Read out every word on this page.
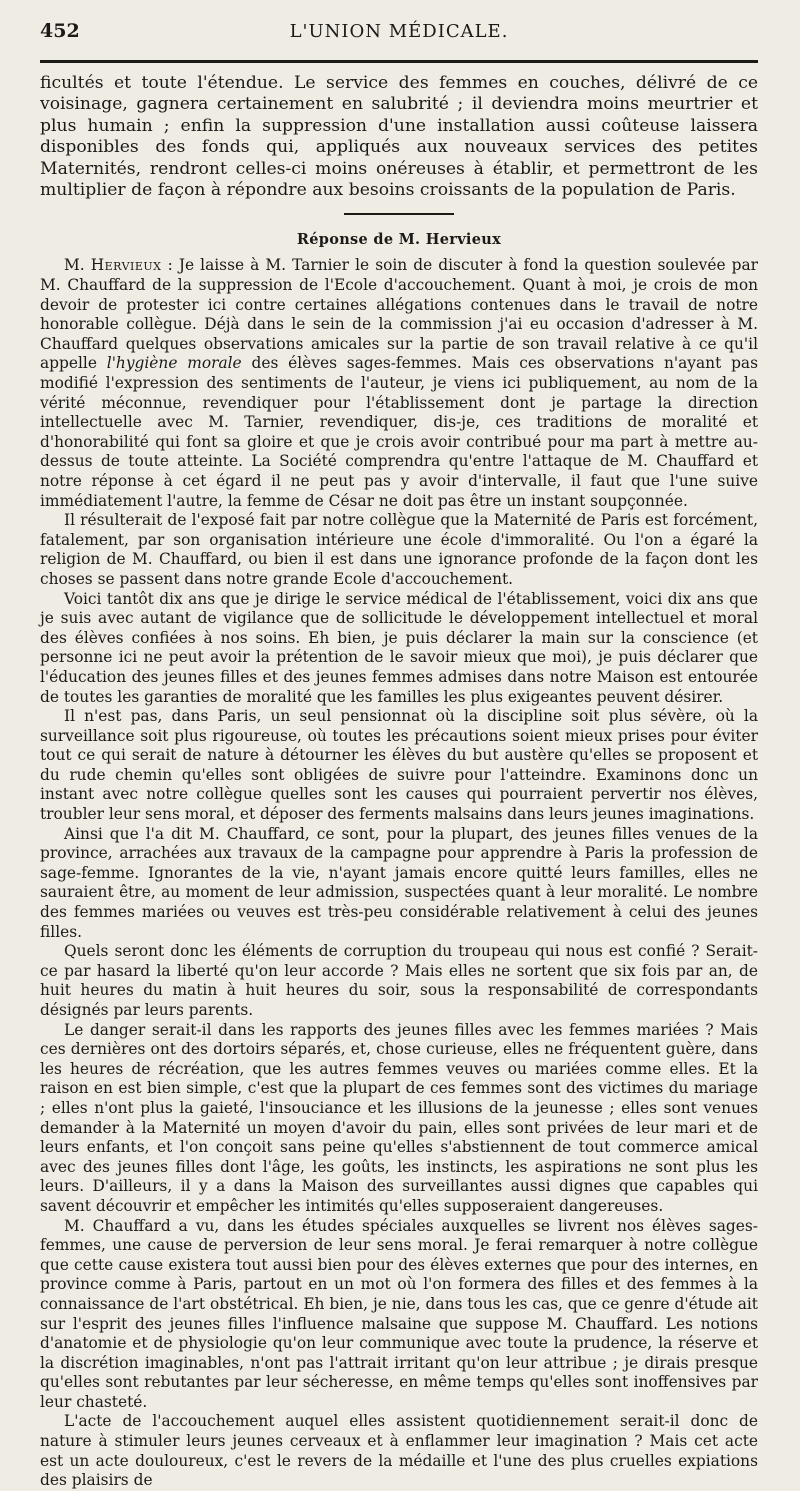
452	L'UNION MÉDICALE.

ficultés et toute l'étendue. Le service des femmes en couches, délivré de ce voisinage, gagnera certainement en salubrité ; il deviendra moins meurtrier et plus humain ; enfin la suppression d'une installation aussi coûteuse laissera disponibles des fonds qui, appliqués aux nouveaux services des petites Maternités, rendront celles-ci moins onéreuses à établir, et permettront de les multiplier de façon à répondre aux besoins croissants de la population de Paris.

Réponse de M. Hervieux

M. Hervieux : Je laisse à M. Tarnier le soin de discuter à fond la question soulevée par M. Chauffard de la suppression de l'Ecole d'accouchement. Quant à moi, je crois de mon devoir de protester ici contre certaines allégations contenues dans le travail de notre honorable collègue. Déjà dans le sein de la commission j'ai eu occasion d'adresser à M. Chauffard quelques observations amicales sur la partie de son travail relative à ce qu'il appelle l'hygiène morale des élèves sages-femmes. Mais ces observations n'ayant pas modifié l'expression des sentiments de l'auteur, je viens ici publiquement, au nom de la vérité méconnue, revendiquer pour l'établissement dont je partage la direction intellectuelle avec M. Tarnier, revendiquer, dis-je, ces traditions de moralité et d'honorabilité qui font sa gloire et que je crois avoir contribué pour ma part à mettre au-dessus de toute atteinte. La Société comprendra qu'entre l'attaque de M. Chauffard et notre réponse à cet égard il ne peut pas y avoir d'intervalle, il faut que l'une suive immédiatement l'autre, la femme de César ne doit pas être un instant soupçonnée.

Il résulterait de l'exposé fait par notre collègue que la Maternité de Paris est forcément, fatalement, par son organisation intérieure une école d'immoralité. Ou l'on a égaré la religion de M. Chauffard, ou bien il est dans une ignorance profonde de la façon dont les choses se passent dans notre grande Ecole d'accouchement.

Voici tantôt dix ans que je dirige le service médical de l'établissement, voici dix ans que je suis avec autant de vigilance que de sollicitude le développement intellectuel et moral des élèves confiées à nos soins. Eh bien, je puis déclarer la main sur la conscience (et personne ici ne peut avoir la prétention de le savoir mieux que moi), je puis déclarer que l'éducation des jeunes filles et des jeunes femmes admises dans notre Maison est entourée de toutes les garanties de moralité que les familles les plus exigeantes peuvent désirer.

Il n'est pas, dans Paris, un seul pensionnat où la discipline soit plus sévère, où la surveillance soit plus rigoureuse, où toutes les précautions soient mieux prises pour éviter tout ce qui serait de nature à détourner les élèves du but austère qu'elles se proposent et du rude chemin qu'elles sont obligées de suivre pour l'atteindre. Examinons donc un instant avec notre collègue quelles sont les causes qui pourraient pervertir nos élèves, troubler leur sens moral, et déposer des ferments malsains dans leurs jeunes imaginations.

Ainsi que l'a dit M. Chauffard, ce sont, pour la plupart, des jeunes filles venues de la province, arrachées aux travaux de la campagne pour apprendre à Paris la profession de sage-femme. Ignorantes de la vie, n'ayant jamais encore quitté leurs familles, elles ne sauraient être, au moment de leur admission, suspectées quant à leur moralité. Le nombre des femmes mariées ou veuves est très-peu considérable relativement à celui des jeunes filles.

Quels seront donc les éléments de corruption du troupeau qui nous est confié ? Serait-ce par hasard la liberté qu'on leur accorde ? Mais elles ne sortent que six fois par an, de huit heures du matin à huit heures du soir, sous la responsabilité de correspondants désignés par leurs parents.

Le danger serait-il dans les rapports des jeunes filles avec les femmes mariées ? Mais ces dernières ont des dortoirs séparés, et, chose curieuse, elles ne fréquentent guère, dans les heures de récréation, que les autres femmes veuves ou mariées comme elles. Et la raison en est bien simple, c'est que la plupart de ces femmes sont des victimes du mariage ; elles n'ont plus la gaieté, l'insouciance et les illusions de la jeunesse ; elles sont venues demander à la Maternité un moyen d'avoir du pain, elles sont privées de leur mari et de leurs enfants, et l'on conçoit sans peine qu'elles s'abstiennent de tout commerce amical avec des jeunes filles dont l'âge, les goûts, les instincts, les aspirations ne sont plus les leurs. D'ailleurs, il y a dans la Maison des surveillantes aussi dignes que capables qui savent découvrir et empêcher les intimités qu'elles supposeraient dangereuses.

M. Chauffard a vu, dans les études spéciales auxquelles se livrent nos élèves sages-femmes, une cause de perversion de leur sens moral. Je ferai remarquer à notre collègue que cette cause existera tout aussi bien pour des élèves externes que pour des internes, en province comme à Paris, partout en un mot où l'on formera des filles et des femmes à la connaissance de l'art obstétrical. Eh bien, je nie, dans tous les cas, que ce genre d'étude ait sur l'esprit des jeunes filles l'influence malsaine que suppose M. Chauffard. Les notions d'anatomie et de physiologie qu'on leur communique avec toute la prudence, la réserve et la discrétion imaginables, n'ont pas l'attrait irritant qu'on leur attribue ; je dirais presque qu'elles sont rebutantes par leur sécheresse, en même temps qu'elles sont inoffensives par leur chasteté.

L'acte de l'accouchement auquel elles assistent quotidiennement serait-il donc de nature à stimuler leurs jeunes cerveaux et à enflammer leur imagination ? Mais cet acte est un acte douloureux, c'est le revers de la médaille et l'une des plus cruelles expiations des plaisirs de
